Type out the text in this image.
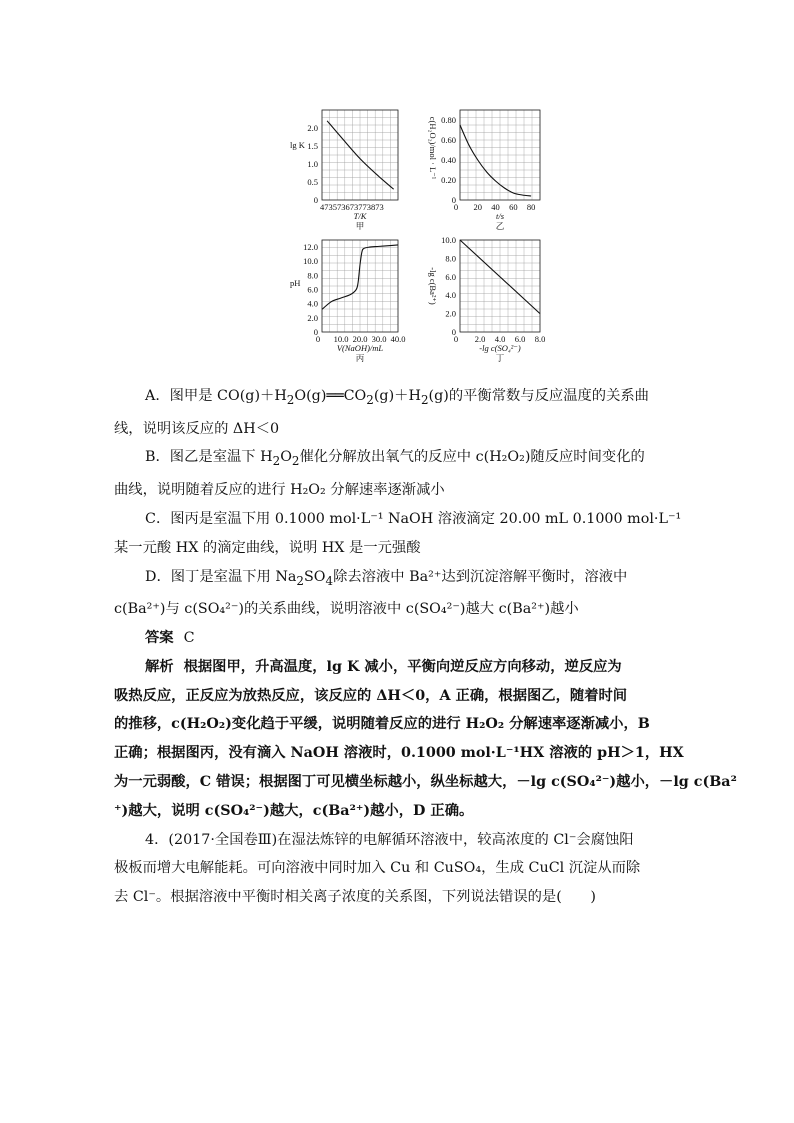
0
0.5
1.0
1.5
2.0
473573673773873
T/K
甲
lg K
0
0.20
0.40
0.60
0.80
20 40 60 80
0
t/s
乙
c(H₂O₂)/mol · L⁻¹
0
2.0
4.0
6.0
8.0
10.0
12.0
10.0 20.0 30.0 40.0
0
V(NaOH)/mL
丙
pH
0
2.0
4.0
6.0
8.0
10.0
2.0 4.0 6.0 8.0
0
-lg c(SO₄²⁻)
丁
-lg c(Ba²⁺)

A．图甲是 $CO(g)+H_2O(g)══CO_2(g)+H_2(g)$的平衡常数与反应温度的关系曲

线，说明该反应的 ΔH＜0

B．图乙是室温下 $H_2O_2$催化分解放出氧气的反应中 c(H₂O₂)随反应时间变化的

曲线，说明随着反应的进行 H₂O₂ 分解速率逐渐减小

C．图丙是室温下用 0.1000 mol·L⁻¹ NaOH 溶液滴定 20.00 mL 0.1000 mol·L⁻¹

某一元酸 HX 的滴定曲线，说明 HX 是一元强酸

D．图丁是室温下用 $Na_2SO_4$除去溶液中 Ba²⁺达到沉淀溶解平衡时，溶液中

c(Ba²⁺)与 c(SO₄²⁻)的关系曲线，说明溶液中 c(SO₄²⁻)越大 c(Ba²⁺)越小

答案 C

解析 根据图甲，升高温度，lg K 减小，平衡向逆反应方向移动，逆反应为

吸热反应，正反应为放热反应，该反应的 ΔH＜0，A 正确，根据图乙，随着时间

的推移，c(H₂O₂)变化趋于平缓，说明随着反应的进行 H₂O₂ 分解速率逐渐减小，B

正确；根据图丙，没有滴入 NaOH 溶液时，0.1000 mol·L⁻¹HX 溶液的 pH＞1，HX

为一元弱酸，C 错误；根据图丁可见横坐标越小，纵坐标越大，－lg c(SO₄²⁻)越小，－lg c(Ba²

⁺)越大，说明 c(SO₄²⁻)越大，c(Ba²⁺)越小，D 正确。

4．(2017·全国卷Ⅲ)在湿法炼锌的电解循环溶液中，较高浓度的 Cl⁻会腐蚀阳

极板而增大电解能耗。可向溶液中同时加入 Cu 和 CuSO₄，生成 CuCl 沉淀从而除

去 Cl⁻。根据溶液中平衡时相关离子浓度的关系图，下列说法错误的是(　　)
